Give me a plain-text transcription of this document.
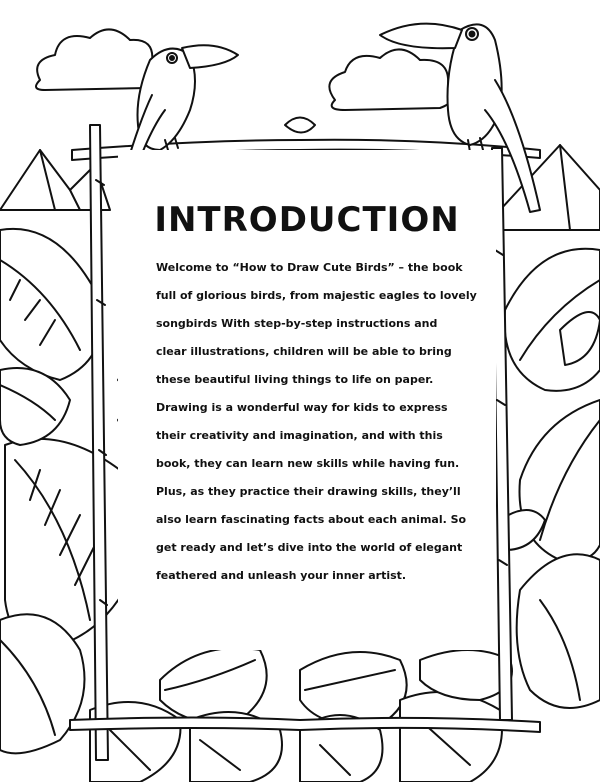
INTRODUCTION
Welcome to “How to Draw Cute Birds” – the book
full of glorious birds, from majestic eagles to lovely
songbirds With step-by-step instructions and
clear illustrations, children will be able to bring
these beautiful living things to life on paper.
Drawing is a wonderful way for kids to express
their creativity and imagination, and with this
book, they can learn new skills while having fun.
Plus, as they practice their drawing skills, they’ll
also learn fascinating facts about each animal. So
get ready and let’s dive into the world of elegant
feathered and unleash your inner artist.
